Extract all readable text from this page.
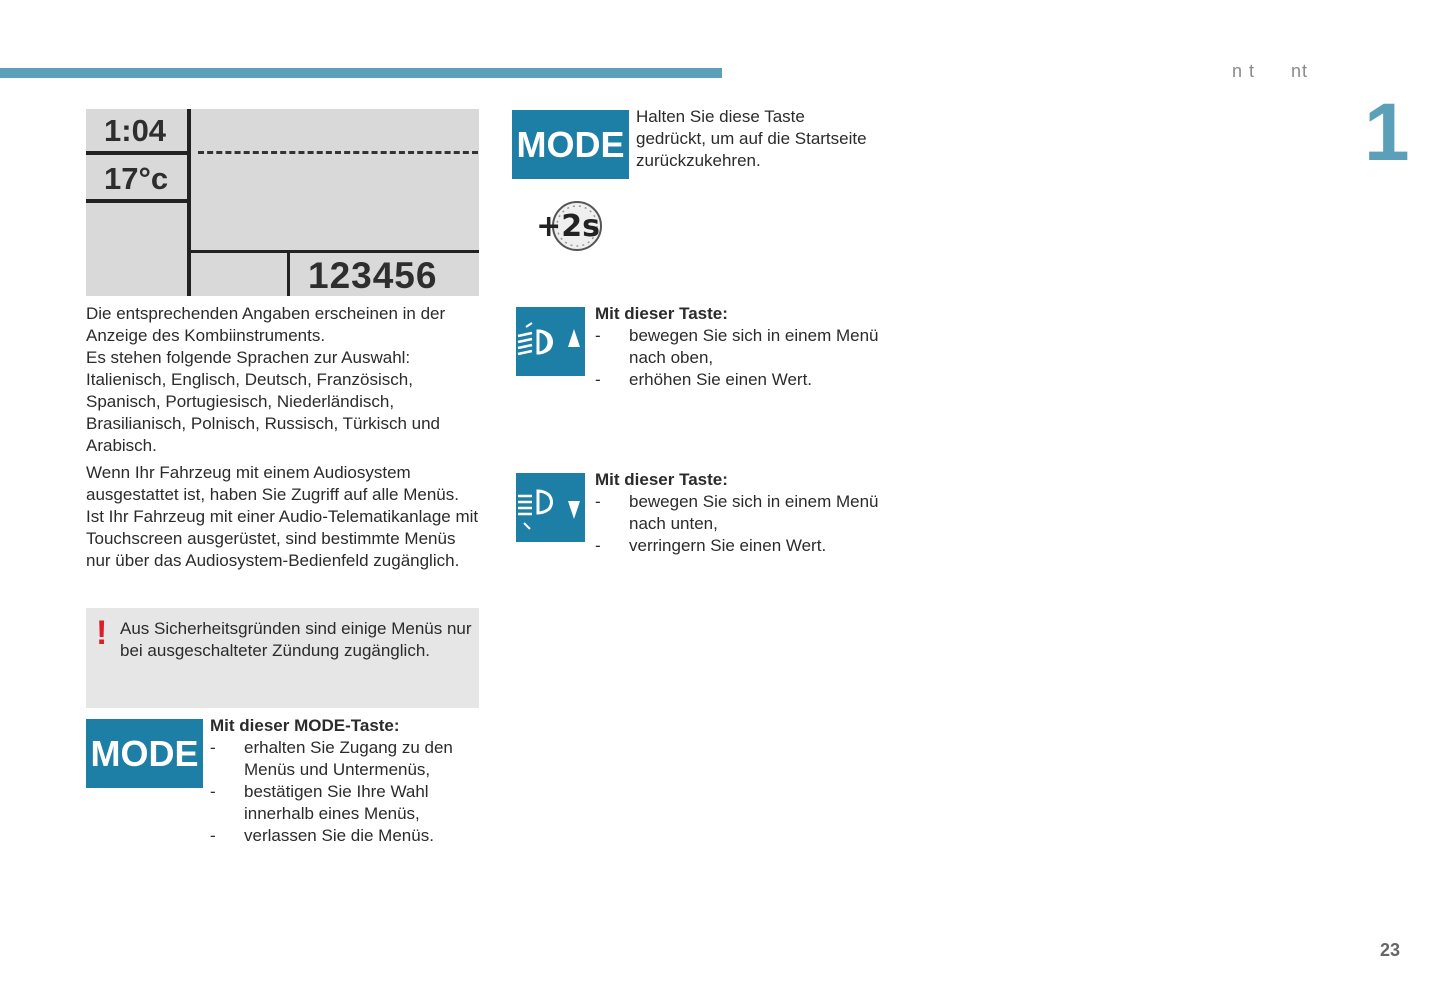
n t      nt
1
23
1:04
17°c
123456
Die entsprechenden Angaben erscheinen in der
Anzeige des Kombiinstruments.
Es stehen folgende Sprachen zur Auswahl:
Italienisch, Englisch, Deutsch, Französisch,
Spanisch, Portugiesisch, Niederländisch,
Brasilianisch, Polnisch, Russisch, Türkisch und
Arabisch.
Wenn Ihr Fahrzeug mit einem Audiosystem
ausgestattet ist, haben Sie Zugriff auf alle Menüs.
Ist Ihr Fahrzeug mit einer Audio-Telematikanlage mit
Touchscreen ausgerüstet, sind bestimmte Menüs
nur über das Audiosystem-Bedienfeld zugänglich.
! Aus Sicherheitsgründen sind einige Menüs nur
bei ausgeschalteter Zündung zugänglich.
MODE
Mit dieser MODE-Taste:
- erhalten Sie Zugang zu den
Menüs und Untermenüs,
- bestätigen Sie Ihre Wahl
innerhalb eines Menüs,
- verlassen Sie die Menüs.
MODE
Halten Sie diese Taste
gedrückt, um auf die Startseite
zurückzukehren.
+2s
Mit dieser Taste:
- bewegen Sie sich in einem Menü
nach oben,
- erhöhen Sie einen Wert.
Mit dieser Taste:
- bewegen Sie sich in einem Menü
nach unten,
- verringern Sie einen Wert.
